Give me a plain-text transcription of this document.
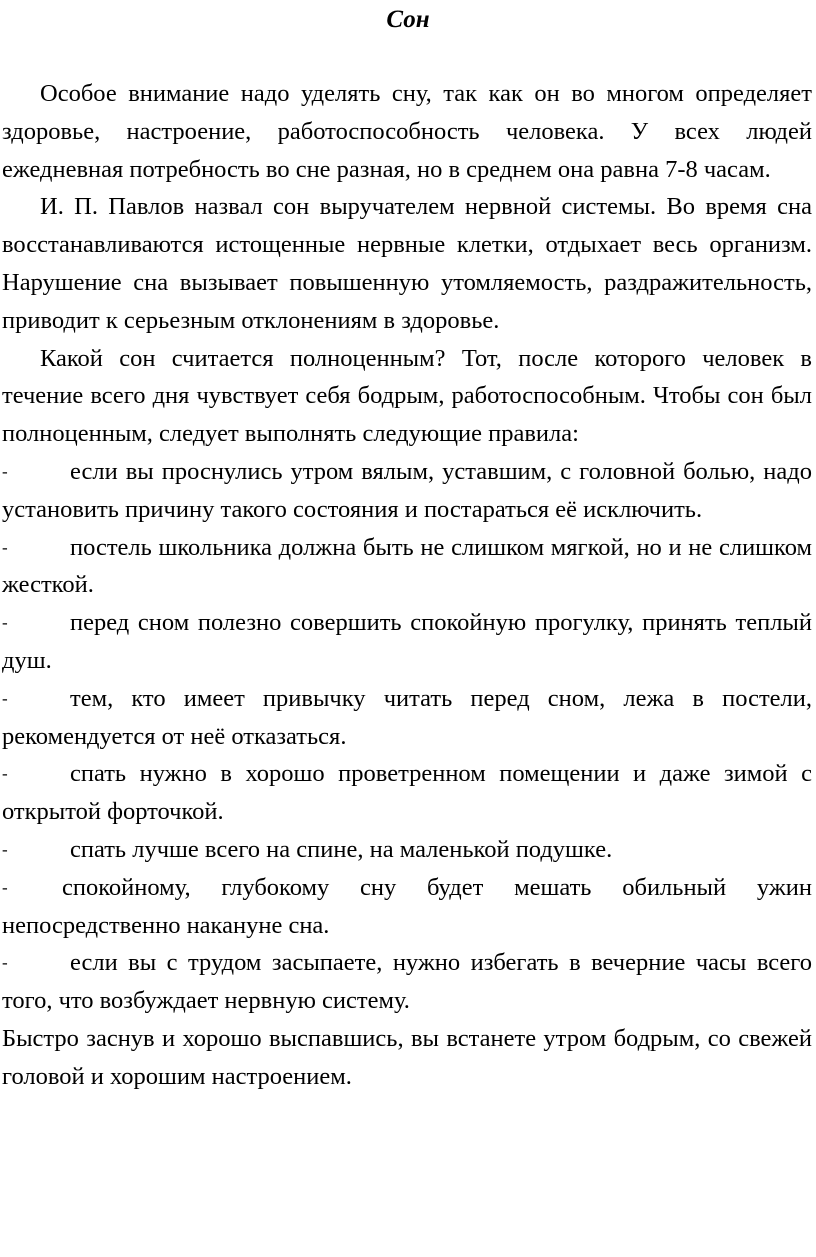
Сон

Особое внимание надо уделять сну, так как он во многом определяет здоровье, настроение, работоспособность человека. У всех людей ежедневная потребность во сне разная, но в среднем она равна 7-8 часам.

И. П. Павлов назвал сон выручателем нервной системы. Во время сна восстанавливаются истощенные нервные клетки, отдыхает весь организм. Нарушение сна вызывает повышенную утомляемость, раздражительность, приводит к серьезным отклонениям в здоровье.

Какой сон считается полноценным? Тот, после которого человек в течение всего дня чувствует себя бодрым, работоспособным. Чтобы сон был полноценным, следует выполнять следующие правила:

-	если вы проснулись утром вялым, уставшим, с головной болью, надо установить причину такого состояния и постараться её исключить.
-	постель школьника должна быть не слишком мягкой, но и не слишком жесткой.
-	перед сном полезно совершить спокойную прогулку, принять теплый душ.
-	тем, кто имеет привычку читать перед сном, лежа в постели, рекомендуется от неё отказаться.
-	спать нужно в хорошо проветренном помещении и даже зимой с открытой форточкой.
-	спать лучше всего на спине, на маленькой подушке.
- спокойному, глубокому сну будет мешать обильный ужин непосредственно накануне сна.
-	если вы с трудом засыпаете, нужно избегать в вечерние часы всего того, что возбуждает нервную систему.

Быстро заснув и хорошо выспавшись, вы встанете утром бодрым, со свежей головой и хорошим настроением.
